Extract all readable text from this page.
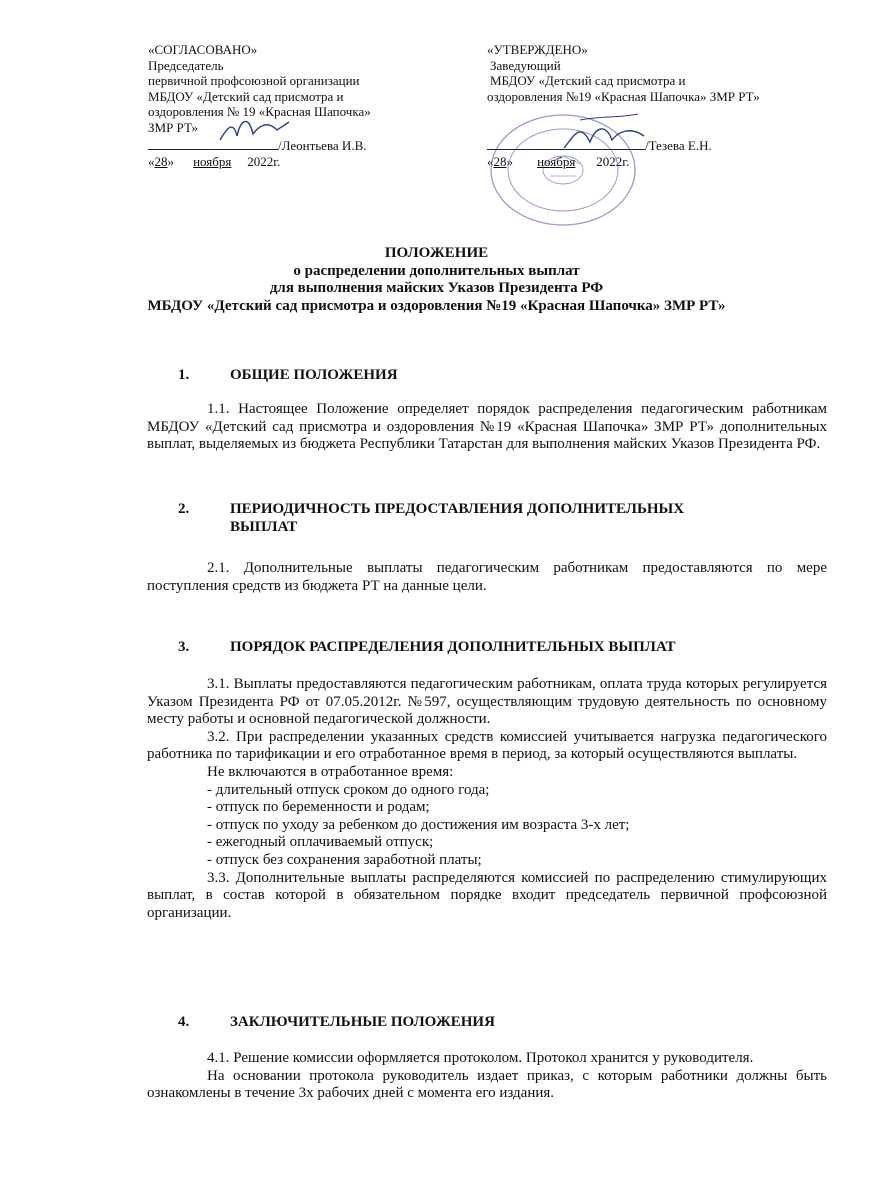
«СОГЛАСОВАНО»
Председатель
первичной профсоюзной организации
МБДОУ «Детский сад присмотра и
оздоровления № 19 «Красная Шапочка»
ЗМР РТ»
/Леонтьева И.В.
«28» ноября 2022г.
«УТВЕРЖДЕНО»
Заведующий
МБДОУ «Детский сад присмотра и
оздоровления №19 «Красная Шапочка» ЗМР РТ»
/Тезева Е.Н.
«28» ноября 2022г.
ПОЛОЖЕНИЕ
о распределении дополнительных выплат
для выполнения майских Указов Президента РФ
МБДОУ «Детский сад присмотра и оздоровления №19 «Красная Шапочка» ЗМР РТ»
1.	ОБЩИЕ ПОЛОЖЕНИЯ

1.1. Настоящее Положение определяет порядок распределения педагогическим работникам МБДОУ «Детский сад присмотра и оздоровления №19 «Красная Шапочка» ЗМР РТ» дополнительных выплат, выделяемых из бюджета Республики Татарстан для выполнения майских Указов Президента РФ.

2.	ПЕРИОДИЧНОСТЬ ПРЕДОСТАВЛЕНИЯ ДОПОЛНИТЕЛЬНЫХ
ВЫПЛАТ

2.1. Дополнительные выплаты педагогическим работникам предоставляются по мере поступления средств из бюджета РТ на данные цели.

3.	ПОРЯДОК РАСПРЕДЕЛЕНИЯ ДОПОЛНИТЕЛЬНЫХ ВЫПЛАТ

3.1. Выплаты предоставляются педагогическим работникам, оплата труда которых регулируется Указом Президента РФ от 07.05.2012г. №597, осуществляющим трудовую деятельность по основному месту работы и основной педагогической должности.

3.2. При распределении указанных средств комиссией учитывается нагрузка педагогического работника по тарификации и его отработанное время в период, за который осуществляются выплаты.

Не включаются в отработанное время:

- длительный отпуск сроком до одного года;

- отпуск по беременности и родам;

- отпуск по уходу за ребенком до достижения им возраста 3-х лет;

- ежегодный оплачиваемый отпуск;

- отпуск без сохранения заработной платы;

3.3. Дополнительные выплаты распределяются комиссией по распределению стимулирующих выплат, в состав которой в обязательном порядке входит председатель первичной профсоюзной организации.

4.	ЗАКЛЮЧИТЕЛЬНЫЕ ПОЛОЖЕНИЯ

4.1. Решение комиссии оформляется протоколом. Протокол хранится у руководителя.

На основании протокола руководитель издает приказ, с которым работники должны быть ознакомлены в течение 3х рабочих дней с момента его издания.
